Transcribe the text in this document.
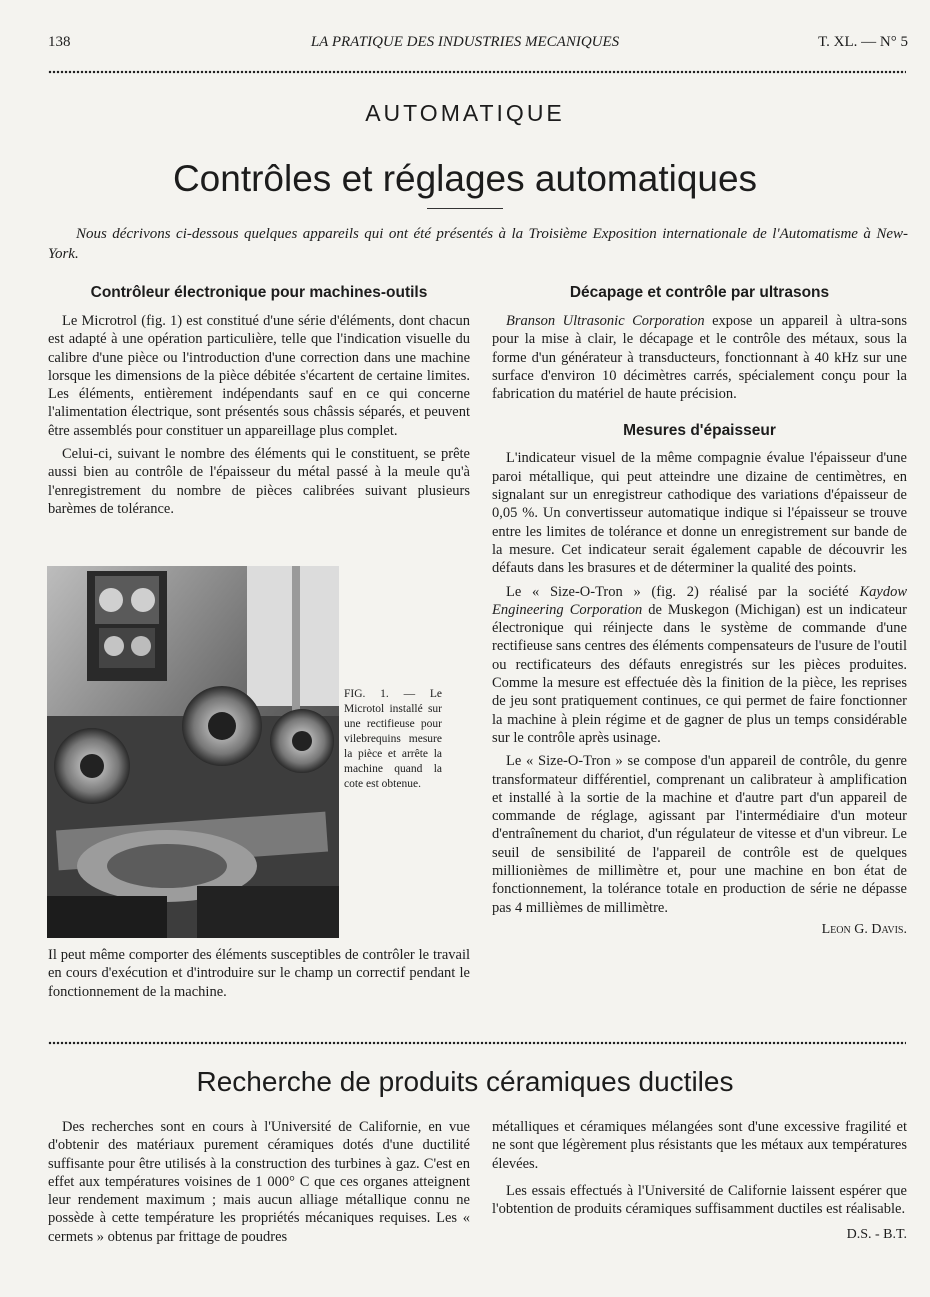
138	LA PRATIQUE DES INDUSTRIES MECANIQUES	T. XL. — N° 5
AUTOMATIQUE
Contrôles et réglages automatiques

Nous décrivons ci-dessous quelques appareils qui ont été présentés à la Troisième Exposition internationale de l'Automatisme à New-York.

Contrôleur électronique pour machines-outils

Le Microtrol (fig. 1) est constitué d'une série d'éléments, dont chacun est adapté à une opération particulière, telle que l'indication visuelle du calibre d'une pièce ou l'introduction d'une correction dans une machine lorsque les dimensions de la pièce débitée s'écartent de certaine limites. Les éléments, entièrement indépendants sauf en ce qui concerne l'alimentation électrique, sont présentés sous châssis séparés, et peuvent être assemblés pour constituer un appareillage plus complet.

Celui-ci, suivant le nombre des éléments qui le constituent, se prête aussi bien au contrôle de l'épaisseur du métal passé à la meule qu'à l'enregistrement du nombre de pièces calibrées suivant plusieurs barèmes de tolérance.

FIG. 1. — Le Microtol installé sur une rectifieuse pour vilebrequins mesure la pièce et arrête la machine quand la cote est obtenue.

Il peut même comporter des éléments susceptibles de contrôler le travail en cours d'exécution et d'introduire sur le champ un correctif pendant le fonctionnement de la machine.

Décapage et contrôle par ultrasons

Branson Ultrasonic Corporation expose un appareil à ultra-sons pour la mise à clair, le décapage et le contrôle des métaux, sous la forme d'un générateur à transducteurs, fonctionnant à 40 kHz sur une surface d'environ 10 décimètres carrés, spécialement conçu pour la fabrication du matériel de haute précision.

Mesures d'épaisseur

L'indicateur visuel de la même compagnie évalue l'épaisseur d'une paroi métallique, qui peut atteindre une dizaine de centimètres, en signalant sur un enregistreur cathodique des variations d'épaisseur de 0,05 %. Un convertisseur automatique indique si l'épaisseur se trouve entre les limites de tolérance et donne un enregistrement sur bande de la mesure. Cet indicateur serait également capable de découvrir les défauts dans les brasures et de déterminer la qualité des points.

Le « Size-O-Tron » (fig. 2) réalisé par la société Kaydow Engineering Corporation de Muskegon (Michigan) est un indicateur électronique qui réinjecte dans le système de commande d'une rectifieuse sans centres des éléments compensateurs de l'usure de l'outil ou rectificateurs des défauts enregistrés sur les pièces produites. Comme la mesure est effectuée dès la finition de la pièce, les reprises de jeu sont pratiquement continues, ce qui permet de faire fonctionner la machine à plein régime et de gagner de plus un temps considérable sur le contrôle après usinage.

Le « Size-O-Tron » se compose d'un appareil de contrôle, du genre transformateur différentiel, comprenant un calibrateur à amplification et installé à la sortie de la machine et d'autre part d'un appareil de commande de réglage, agissant par l'intermédiaire d'un moteur d'entraînement du chariot, d'un régulateur de vitesse et d'un vibreur. Le seuil de sensibilité de l'appareil de contrôle est de quelques millionièmes de millimètre et, pour une machine en bon état de fonctionnement, la tolérance totale en production de série ne dépasse pas 4 millièmes de millimètre.

Leon G. Davis.
Recherche de produits céramiques ductiles

Des recherches sont en cours à l'Université de Californie, en vue d'obtenir des matériaux purement céramiques dotés d'une ductilité suffisante pour être utilisés à la construction des turbines à gaz. C'est en effet aux températures voisines de 1 000° C que ces organes atteignent leur rendement maximum ; mais aucun alliage métallique connu ne possède à cette température les propriétés mécaniques requises. Les « cermets » obtenus par frittage de poudres

métalliques et céramiques mélangées sont d'une excessive fragilité et ne sont que légèrement plus résistants que les métaux aux températures élevées.

Les essais effectués à l'Université de Californie laissent espérer que l'obtention de produits céramiques suffisamment ductiles est réalisable.

D.S. - B.T.
